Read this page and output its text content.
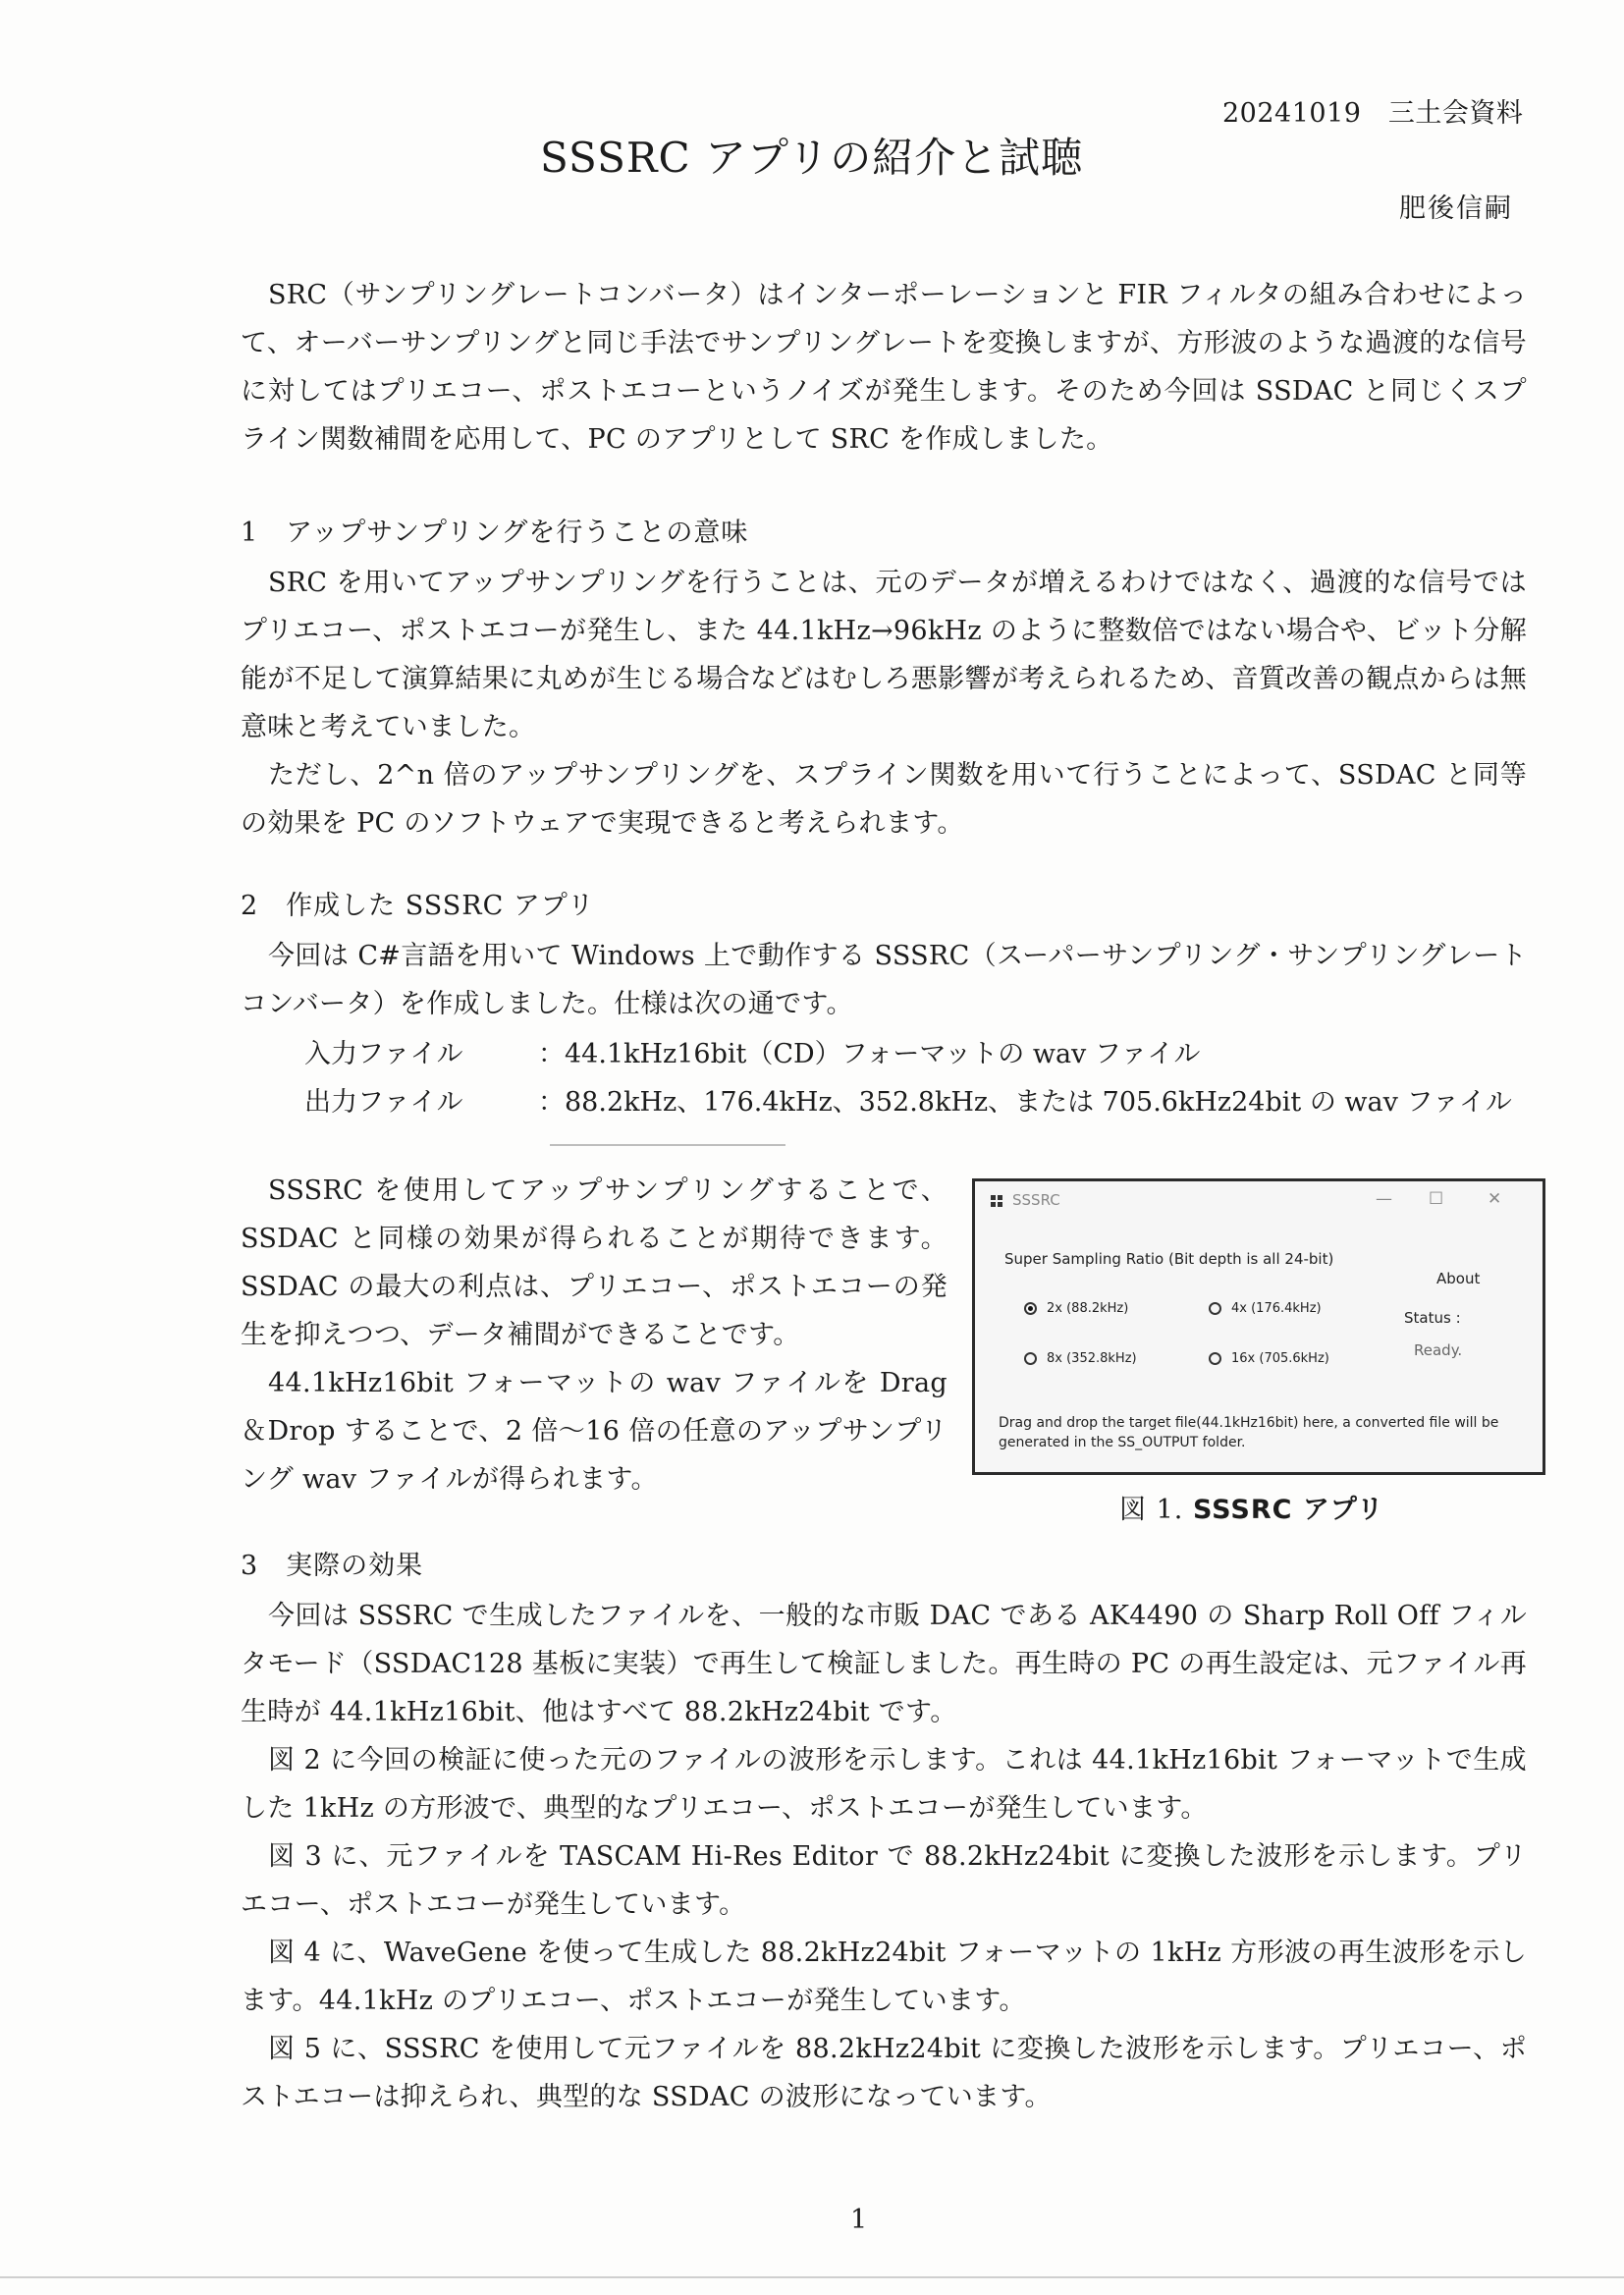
20241019　三土会資料
SSSRC アプリの紹介と試聴
肥後信嗣

SRC（サンプリングレートコンバータ）はインターポーレーションと FIR フィルタの組み合わせによって、オーバーサンプリングと同じ手法でサンプリングレートを変換しますが、方形波のような過渡的な信号に対してはプリエコー、ポストエコーというノイズが発生します。そのため今回は SSDAC と同じくスプライン関数補間を応用して、PC のアプリとして SRC を作成しました。

1　アップサンプリングを行うことの意味

SRC を用いてアップサンプリングを行うことは、元のデータが増えるわけではなく、過渡的な信号ではプリエコー、ポストエコーが発生し、また 44.1kHz→96kHz のように整数倍ではない場合や、ビット分解能が不足して演算結果に丸めが生じる場合などはむしろ悪影響が考えられるため、音質改善の観点からは無意味と考えていました。

ただし、2^n 倍のアップサンプリングを、スプライン関数を用いて行うことによって、SSDAC と同等の効果を PC のソフトウェアで実現できると考えられます。

2　作成した SSSRC アプリ

今回は C#言語を用いて Windows 上で動作する SSSRC（スーパーサンプリング・サンプリングレートコンバータ）を作成しました。仕様は次の通です。

入力ファイル	：44.1kHz16bit（CD）フォーマットの wav ファイル

出力ファイル	：88.2kHz、176.4kHz、352.8kHz、または 705.6kHz24bit の wav ファイル

SSSRC を使用してアップサンプリングすることで、SSDAC と同様の効果が得られることが期待できます。SSDAC の最大の利点は、プリエコー、ポストエコーの発生を抑えつつ、データ補間ができることです。

44.1kHz16bit フォーマットの wav ファイルを Drag＆Drop することで、2 倍〜16 倍の任意のアップサンプリング wav ファイルが得られます。

SSSRC	— ☐	✕
Super Sampling Ratio (Bit depth is all 24-bit)
About
2x (88.2kHz)	4x (176.4kHz)
8x (352.8kHz)	16x (705.6kHz)
Status :
Ready.
Drag and drop the target file(44.1kHz16bit) here, a converted file will be generated in the SS_OUTPUT folder.
図 1. SSSRC アプリ

3　実際の効果

今回は SSSRC で生成したファイルを、一般的な市販 DAC である AK4490 の Sharp Roll Off フィルタモード（SSDAC128 基板に実装）で再生して検証しました。再生時の PC の再生設定は、元ファイル再生時が 44.1kHz16bit、他はすべて 88.2kHz24bit です。

図 2 に今回の検証に使った元のファイルの波形を示します。これは 44.1kHz16bit フォーマットで生成した 1kHz の方形波で、典型的なプリエコー、ポストエコーが発生しています。

図 3 に、元ファイルを TASCAM Hi-Res Editor で 88.2kHz24bit に変換した波形を示します。プリエコー、ポストエコーが発生しています。

図 4 に、WaveGene を使って生成した 88.2kHz24bit フォーマットの 1kHz 方形波の再生波形を示します。44.1kHz のプリエコー、ポストエコーが発生しています。

図 5 に、SSSRC を使用して元ファイルを 88.2kHz24bit に変換した波形を示します。プリエコー、ポストエコーは抑えられ、典型的な SSDAC の波形になっています。

1
